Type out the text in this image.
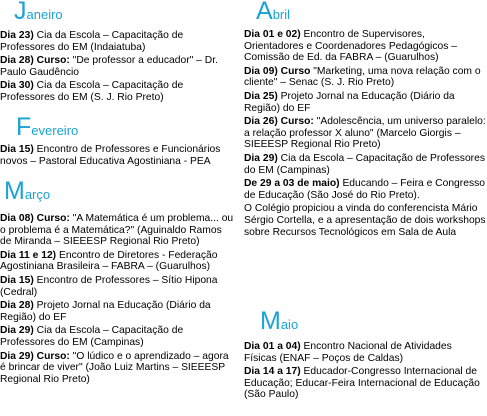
Janeiro
Dia 23) Cia da Escola – Capacitação de Professores do EM (Indaiatuba)
Dia 28) Curso: "De professor a educador" – Dr. Paulo Gaudêncio
Dia 30) Cia da Escola – Capacitação de Professores do EM (S. J. Rio Preto)
Fevereiro
Dia 15) Encontro de Professores e Funcionários novos – Pastoral Educativa Agostiniana - PEA
Março
Dia 08) Curso: "A Matemática é um problema... ou o problema é a Matemática?" (Aguinaldo Ramos de Miranda – SIEEESP Regional Rio Preto)
Dia 11 e 12) Encontro de Diretores - Federação Agostiniana Brasileira – FABRA – (Guarulhos)
Dia 15) Encontro de Professores – Sítio Hipona (Cedral)
Dia 28) Projeto Jornal na Educação (Diário da Região) do EF
Dia 29) Cia da Escola – Capacitação de Professores do EM (Campinas)
Dia 29) Curso: "O lúdico e o aprendizado – agora é brincar de viver" (João Luiz Martins – SIEEESP Regional Rio Preto)
Abril
Dia 01 e 02) Encontro de Supervisores, Orientadores e Coordenadores Pedagógicos – Comissão de Ed. da FABRA – (Guarulhos)
Dia 09) Curso "Marketing, uma nova relação com o cliente" – Senac (S. J. Rio Preto)
Dia 25) Projeto Jornal na Educação (Diário da Região) do EF
Dia 26) Curso: "Adolescência, um universo paralelo: a relação professor X aluno" (Marcelo Giorgis – SIEEESP Regional Rio Preto)
Dia 29) Cia da Escola – Capacitação de Professores do EM (Campinas)
De 29 a 03 de maio) Educando – Feira e Congresso de Educação (São José do Rio Preto).
O Colégio propiciou a vinda do conferencista Mário Sérgio Cortella, e a apresentação de dois workshops sobre Recursos Tecnológicos em Sala de Aula
Maio
Dia 01 a 04) Encontro Nacional de Atividades Físicas (ENAF – Poços de Caldas)
Dia 14 a 17) Educador-Congresso Internacional de Educação; Educar-Feira Internacional de Educação (São Paulo)
